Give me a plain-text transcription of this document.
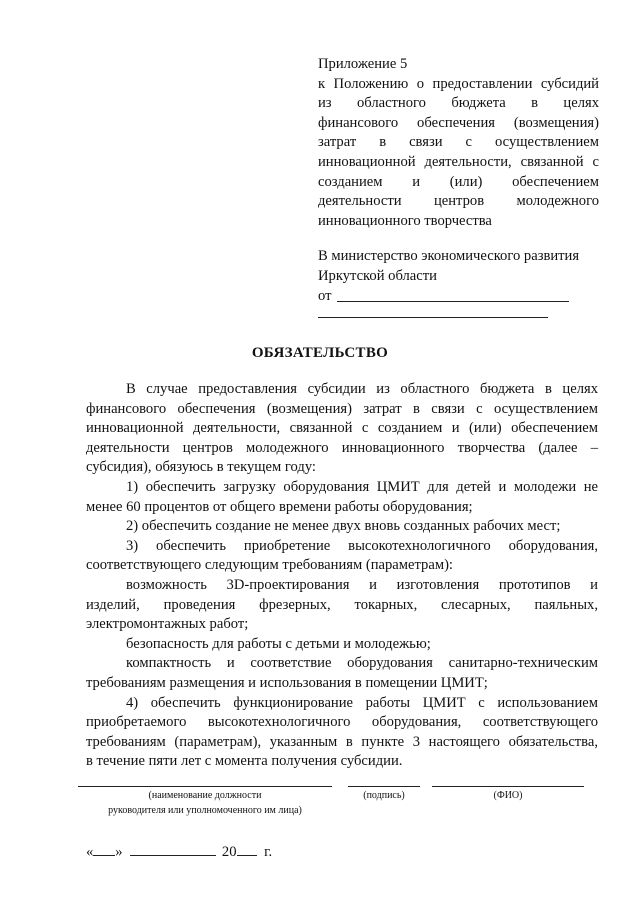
Приложение 5
к Положению о предоставлении субсидий
из областного бюджета в целях
финансового обеспечения (возмещения)
затрат в связи с осуществлением
инновационной деятельности, связанной с
созданием и (или) обеспечением
деятельности центров молодежного
инновационного творчества
В министерство экономического развития
Иркутской области
от
ОБЯЗАТЕЛЬСТВО
В случае предоставления субсидии из областного бюджета в целях
финансового обеспечения (возмещения) затрат в связи с осуществлением
инновационной деятельности, связанной с созданием и (или) обеспечением
деятельности центров молодежного инновационного творчества (далее –
субсидия), обязуюсь в текущем году:
1) обеспечить загрузку оборудования ЦМИТ для детей и молодежи не
менее 60 процентов от общего времени работы оборудования;
2) обеспечить создание не менее двух вновь созданных рабочих мест;
3) обеспечить приобретение высокотехнологичного оборудования,
соответствующего следующим требованиям (параметрам):
возможность 3D-проектирования и изготовления прототипов и
изделий, проведения фрезерных, токарных, слесарных, паяльных,
электромонтажных работ;
безопасность для работы с детьми и молодежью;
компактность и соответствие оборудования санитарно-техническим
требованиям размещения и использования в помещении ЦМИТ;
4) обеспечить функционирование работы ЦМИТ с использованием
приобретаемого высокотехнологичного оборудования, соответствующего
требованиям (параметрам), указанным в пункте 3 настоящего обязательства,
в течение пяти лет с момента получения субсидии.
(наименование должности
руководителя или уполномоченного им лица)
(подпись)	(ФИО)
« »	20 г.
